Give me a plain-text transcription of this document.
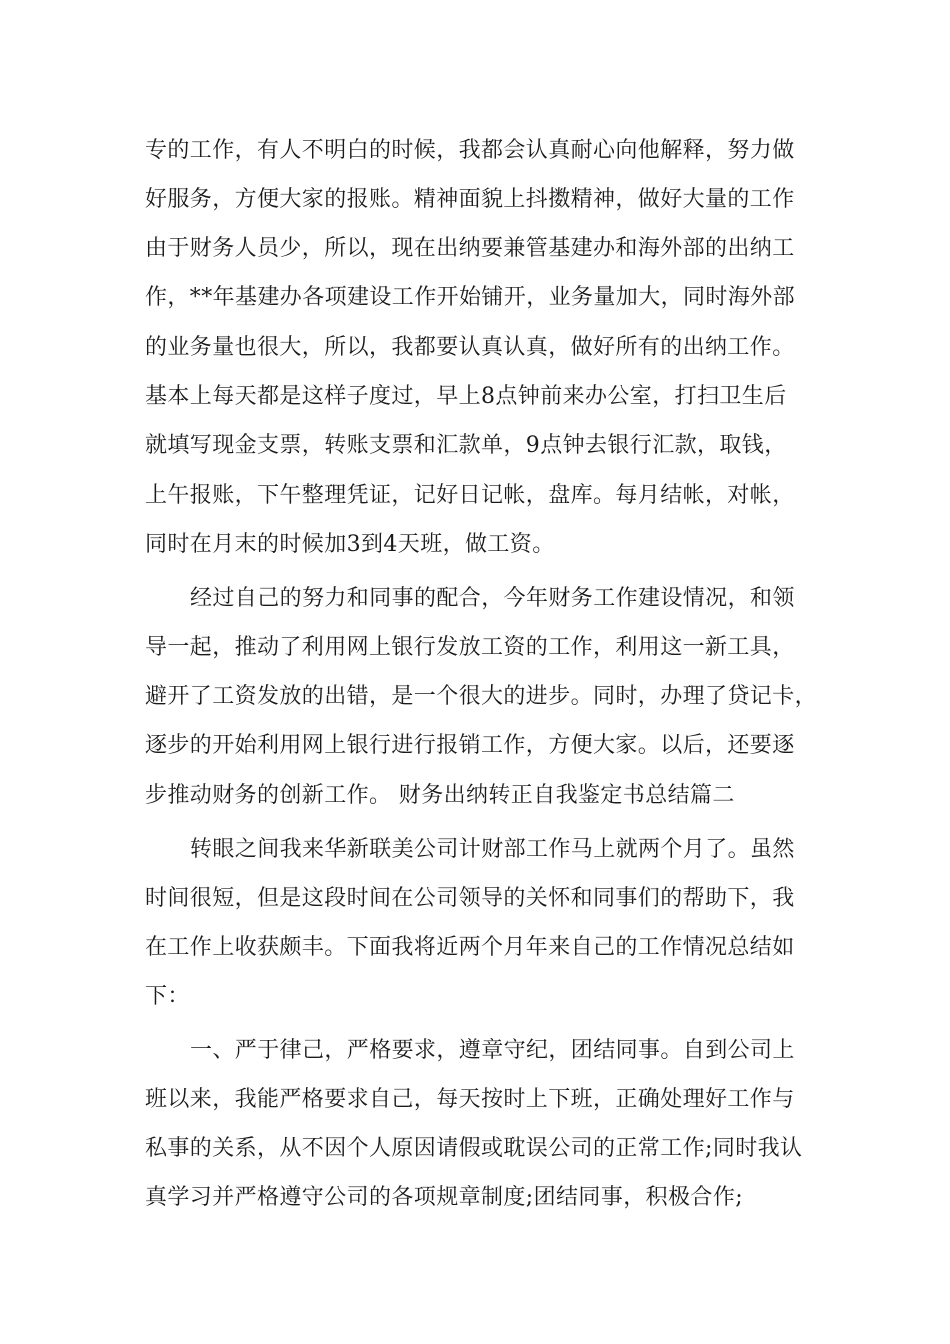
专的工作，有人不明白的时候，我都会认真耐心向他解释，努力做
好服务，方便大家的报账。精神面貌上抖擞精神，做好大量的工作
由于财务人员少，所以，现在出纳要兼管基建办和海外部的出纳工
作，**年基建办各项建设工作开始铺开，业务量加大，同时海外部
的业务量也很大，所以，我都要认真认真，做好所有的出纳工作。
基本上每天都是这样子度过，早上8点钟前来办公室，打扫卫生后
就填写现金支票，转账支票和汇款单，9点钟去银行汇款，取钱，
上午报账，下午整理凭证，记好日记帐，盘库。每月结帐，对帐，
同时在月末的时候加3到4天班，做工资。
经过自己的努力和同事的配合，今年财务工作建设情况，和领
导一起，推动了利用网上银行发放工资的工作，利用这一新工具，
避开了工资发放的出错，是一个很大的进步。同时，办理了贷记卡，
逐步的开始利用网上银行进行报销工作，方便大家。以后，还要逐
步推动财务的创新工作。 财务出纳转正自我鉴定书总结篇二
转眼之间我来华新联美公司计财部工作马上就两个月了。虽然
时间很短，但是这段时间在公司领导的关怀和同事们的帮助下，我
在工作上收获颇丰。下面我将近两个月年来自己的工作情况总结如
下：
一、严于律己，严格要求，遵章守纪，团结同事。自到公司上
班以来，我能严格要求自己，每天按时上下班，正确处理好工作与
私事的关系，从不因个人原因请假或耽误公司的正常工作;同时我认
真学习并严格遵守公司的各项规章制度;团结同事，积极合作;
